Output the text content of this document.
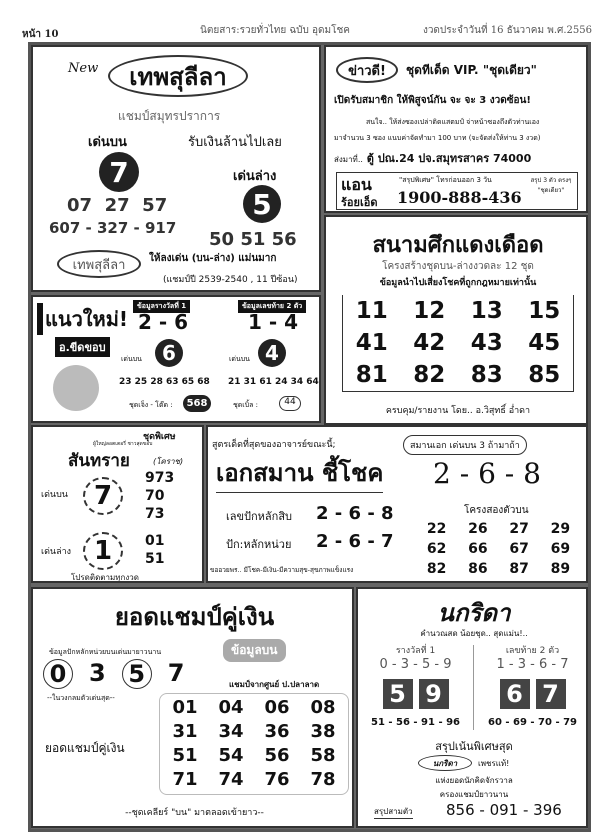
หน้า 10	นิตยสาร:รวยทั่วไทย ฉบับ อุดมโชค	งวดประจำวันที่ 16 ธันวาคม พ.ศ.2556
New	เทพสุลีลา
แชมป์สมุทรปราการ
เด่นบน	รับเงินล้านไปเลย
7	เด่นล่าง
5
07  27  57
607 - 327 - 917
50 51 56
เทพสุลีลา	ให้ลงเด่น (บน-ล่าง) แม่นมาก
(แชมป์ปี 2539-2540 , 11 ปีซ้อน)
ข่าวดี!	ชุดทีเด็ด VIP. "ชุดเดียว"
เปิดรับสมาชิก ให้พิสูจน์กัน จะ จะ 3 งวดซ้อน!
สนใจ.. ให้ส่งซองเปล่าติดแสตมป์ จ่าหน้าซองถึงตัวท่านเอง
มาจำนวน 3 ซอง แนบค่าจัดทำมา 100 บาท (จะจัดส่งให้ท่าน 3 งวด)
ส่งมาที่.. ตู้ ปณ.24 ปจ.สมุทรสาคร 74000
แอน
ร้อยเอ็ด
"สรุปพิเศษ" โทรก่อนออก 3 วัน
1900-888-436
สรุป 3 ตัว ตรงๆ "ชุดเดียว"
สนามศึกแดงเดือด
โครงสร้างชุดบน-ล่างงวดละ 12 ชุด
ข้อมูลนำไปเสี่ยงโชคที่ถูกกฎหมายเท่านั้น
11	12	13	15
41	42	43	45
81	82	83	85
ครบคุม/รายงาน โดย.. อ.วิสุทธิ์ อ่ำดา
แนวใหม่!
อ.ขีดขอบ
ข้อมูลรางวัลที่ 1
2 - 6
เด่นบน	6
23 25 28 63 65 68
ชุดเจ็ง - โต๊ด :	568
ข้อมูลเลขท้าย 2 ตัว
1 - 4
เด่นบน 4
21 31 61 24 34 64
ชุดเบิ้ล :	44
ชุดพิเศษ
ผู้ใหญ่ลอตเตอรี่ ชาวสุดขอบ
สันทราย	(โคราช)
เด่นบน	7
973
70
73
เด่นล่าง 1	01
51
โปรดติดตามทุกงวด
สูตรเด็ดที่สุดของอาจารย์ขณะนี้;
เอกสมาน ชี้โชค
สมานเอก เด่นบน 3 ถ้ามาถ้า
2 - 6 - 8
เลขปักหลักสิบ 2 - 6 - 8
ปัก:หลักหน่วย 2 - 6 - 7
ขออวยพร.. มีโชค-มีเงิน-มีความสุข-สุขภาพแข็งแรง
โครงสองตัวบน
22	26	27	29
62	66	67	69
82	86	87	89
ยอดแชมป์คู่เงิน
ข้อมูลบน
ข้อมูลปักหลักหน่วยบนเด่นมายาวนาน
0 3 5 7
--ในวงกลมตัวเด่นสุด--
แชมป์จากศูนย์ ป.ปลาลาด
ยอดแชมป์คู่เงิน
01	04	06	08
31	34	36	38
51	54	56	58
71	74	76	78
--ชุดเคลียร์ "บน" มาตลอดเข้ายาว--
นกริดา
คำนวณสด น้อยชุด.. สุดแม่น!..
รางวัลที่ 1
0 - 3 - 5 - 9
5 9
51 - 56 - 91 - 96
เลขท้าย 2 ตัว
1 - 3 - 6 - 7
6 7
60 - 69 - 70 - 79
สรุปเน้นพิเศษสุด
นกริดา	เพชรแท้!
แห่งยอดนักคิดจักรวาล
ครองแชมป์ยาวนาน
สรุปสามตัว 856 - 091 - 396
